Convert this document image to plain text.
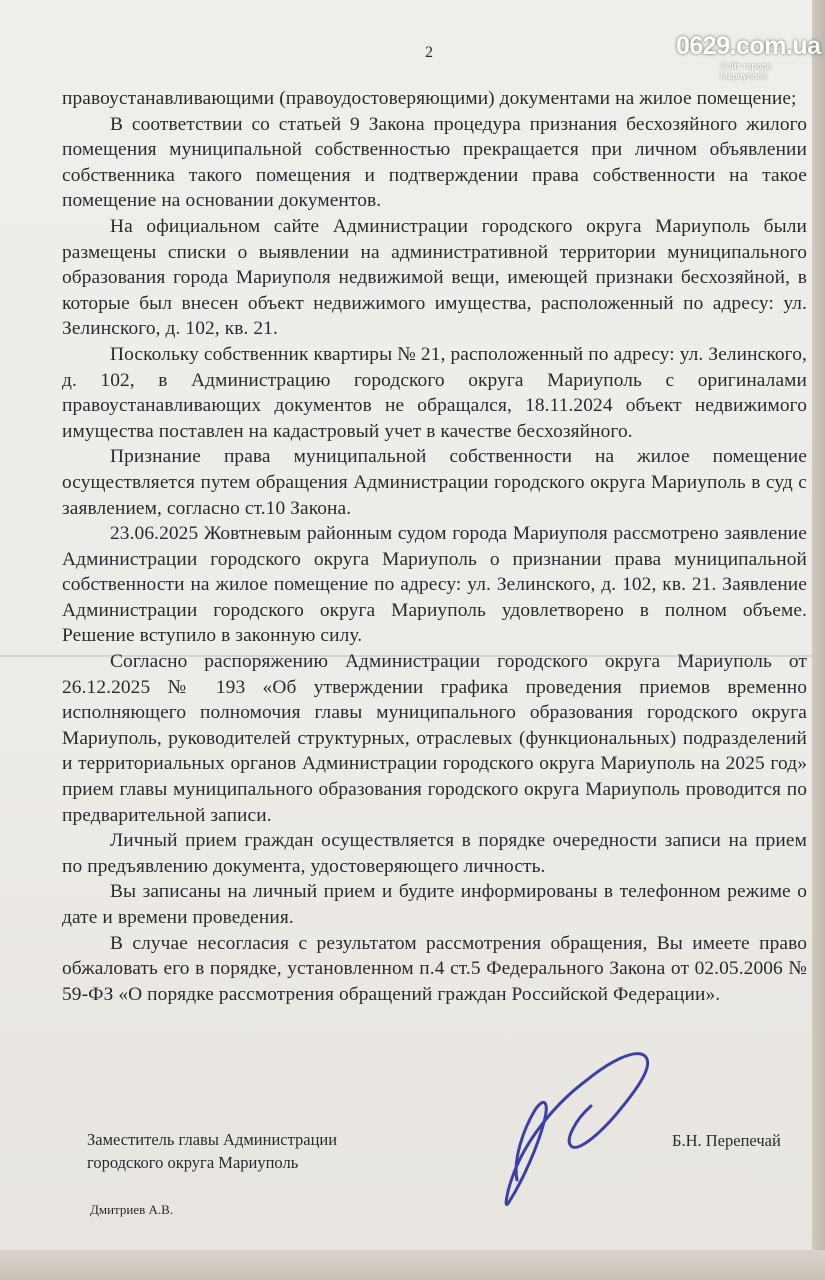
0629.com.ua
Сайт города
Мариуполя
2

правоустанавливающими (правоудостоверяющими) документами на жилое помещение;

В соответствии со статьей 9 Закона процедура признания бесхозяйного жилого помещения муниципальной собственностью прекращается при личном объявлении собственника такого помещения и подтверждении права собственности на такое помещение на основании документов.

На официальном сайте Администрации городского округа Мариуполь были размещены списки о выявлении на административной территории муниципального образования города Мариуполя недвижимой вещи, имеющей признаки бесхозяйной, в которые был внесен объект недвижимого имущества, расположенный по адресу: ул. Зелинского, д. 102, кв. 21.

Поскольку собственник квартиры № 21, расположенный по адресу: ул. Зелинского, д. 102, в Администрацию городского округа Мариуполь с оригиналами правоустанавливающих документов не обращался, 18.11.2024 объект недвижимого имущества поставлен на кадастровый учет в качестве бесхозяйного.

Признание права муниципальной собственности на жилое помещение осуществляется путем обращения Администрации городского округа Мариуполь в суд с заявлением, согласно ст.10 Закона.

23.06.2025 Жовтневым районным судом города Мариуполя рассмотрено заявление Администрации городского округа Мариуполь о признании права муниципальной собственности на жилое помещение по адресу: ул. Зелинского, д. 102, кв. 21. Заявление Администрации городского округа Мариуполь удовлетворено в полном объеме. Решение вступило в законную силу.

Согласно распоряжению Администрации городского округа Мариуполь от 26.12.2025 № 193 «Об утверждении графика проведения приемов временно исполняющего полномочия главы муниципального образования городского округа Мариуполь, руководителей структурных, отраслевых (функциональных) подразделений и территориальных органов Администрации городского округа Мариуполь на 2025 год» прием главы муниципального образования городского округа Мариуполь проводится по предварительной записи.

Личный прием граждан осуществляется в порядке очередности записи на прием по предъявлению документа, удостоверяющего личность.

Вы записаны на личный прием и будите информированы в телефонном режиме о дате и времени проведения.

В случае несогласия с результатом рассмотрения обращения, Вы имеете право обжаловать его в порядке, установленном п.4 ст.5 Федерального Закона от 02.05.2006 № 59-ФЗ «О порядке рассмотрения обращений граждан Российской Федерации».

Заместитель главы Администрации
городского округа Мариуполь
Б.Н. Перепечай
Дмитриев А.В.
